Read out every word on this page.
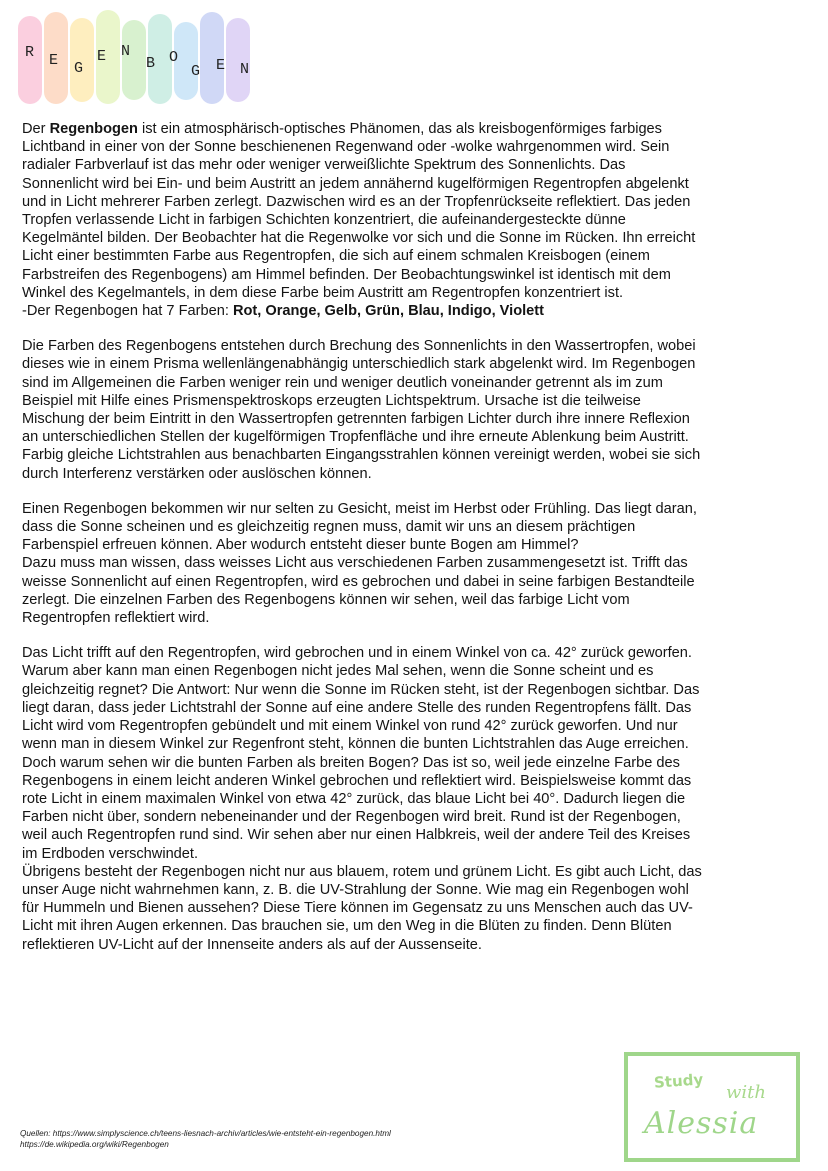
R E G
E N
B O
G E N

Der Regenbogen ist ein atmosphärisch-optisches Phänomen, das als kreisbogenförmiges farbiges
Lichtband in einer von der Sonne beschienenen Regenwand oder -wolke wahrgenommen wird. Sein
radialer Farbverlauf ist das mehr oder weniger verweißlichte Spektrum des Sonnenlichts. Das
Sonnenlicht wird bei Ein- und beim Austritt an jedem annähernd kugelförmigen Regentropfen abgelenkt
und in Licht mehrerer Farben zerlegt. Dazwischen wird es an der Tropfenrückseite reflektiert. Das jeden
Tropfen verlassende Licht in farbigen Schichten konzentriert, die aufeinandergesteckte dünne
Kegelmäntel bilden. Der Beobachter hat die Regenwolke vor sich und die Sonne im Rücken. Ihn erreicht
Licht einer bestimmten Farbe aus Regentropfen, die sich auf einem schmalen Kreisbogen (einem
Farbstreifen des Regenbogens) am Himmel befinden. Der Beobachtungswinkel ist identisch mit dem
Winkel des Kegelmantels, in dem diese Farbe beim Austritt am Regentropfen konzentriert ist.
-Der Regenbogen hat 7 Farben: Rot, Orange, Gelb, Grün, Blau, Indigo, Violett

Die Farben des Regenbogens entstehen durch Brechung des Sonnenlichts in den Wassertropfen, wobei
dieses wie in einem Prisma wellenlängenabhängig unterschiedlich stark abgelenkt wird. Im Regenbogen
sind im Allgemeinen die Farben weniger rein und weniger deutlich voneinander getrennt als im zum
Beispiel mit Hilfe eines Prismenspektroskops erzeugten Lichtspektrum. Ursache ist die teilweise
Mischung der beim Eintritt in den Wassertropfen getrennten farbigen Lichter durch ihre innere Reflexion
an unterschiedlichen Stellen der kugelförmigen Tropfenfläche und ihre erneute Ablenkung beim Austritt.
Farbig gleiche Lichtstrahlen aus benachbarten Eingangsstrahlen können vereinigt werden, wobei sie sich
durch Interferenz verstärken oder auslöschen können.

Einen Regenbogen bekommen wir nur selten zu Gesicht, meist im Herbst oder Frühling. Das liegt daran,
dass die Sonne scheinen und es gleichzeitig regnen muss, damit wir uns an diesem prächtigen
Farbenspiel erfreuen können. Aber wodurch entsteht dieser bunte Bogen am Himmel?
Dazu muss man wissen, dass weisses Licht aus verschiedenen Farben zusammengesetzt ist. Trifft das
weisse Sonnenlicht auf einen Regentropfen, wird es gebrochen und dabei in seine farbigen Bestandteile
zerlegt. Die einzelnen Farben des Regenbogens können wir sehen, weil das farbige Licht vom
Regentropfen reflektiert wird.

Das Licht trifft auf den Regentropfen, wird gebrochen und in einem Winkel von ca. 42° zurück geworfen.
Warum aber kann man einen Regenbogen nicht jedes Mal sehen, wenn die Sonne scheint und es
gleichzeitig regnet? Die Antwort: Nur wenn die Sonne im Rücken steht, ist der Regenbogen sichtbar. Das
liegt daran, dass jeder Lichtstrahl der Sonne auf eine andere Stelle des runden Regentropfens fällt. Das
Licht wird vom Regentropfen gebündelt und mit einem Winkel von rund 42° zurück geworfen. Und nur
wenn man in diesem Winkel zur Regenfront steht, können die bunten Lichtstrahlen das Auge erreichen.
Doch warum sehen wir die bunten Farben als breiten Bogen? Das ist so, weil jede einzelne Farbe des
Regenbogens in einem leicht anderen Winkel gebrochen und reflektiert wird. Beispielsweise kommt das
rote Licht in einem maximalen Winkel von etwa 42° zurück, das blaue Licht bei 40°. Dadurch liegen die
Farben nicht über, sondern nebeneinander und der Regenbogen wird breit. Rund ist der Regenbogen,
weil auch Regentropfen rund sind. Wir sehen aber nur einen Halbkreis, weil der andere Teil des Kreises
im Erdboden verschwindet.
Übrigens besteht der Regenbogen nicht nur aus blauem, rotem und grünem Licht. Es gibt auch Licht, das
unser Auge nicht wahrnehmen kann, z. B. die UV-Strahlung der Sonne. Wie mag ein Regenbogen wohl
für Hummeln und Bienen aussehen? Diese Tiere können im Gegensatz zu uns Menschen auch das UV-
Licht mit ihren Augen erkennen. Das brauchen sie, um den Weg in die Blüten zu finden. Denn Blüten
reflektieren UV-Licht auf der Innenseite anders als auf der Aussenseite.

Quellen: https://www.simplyscience.ch/teens-liesnach-archiv/articles/wie-entsteht-ein-regenbogen.html
https://de.wikipedia.org/wiki/Regenbogen
Study
with
Alessia
